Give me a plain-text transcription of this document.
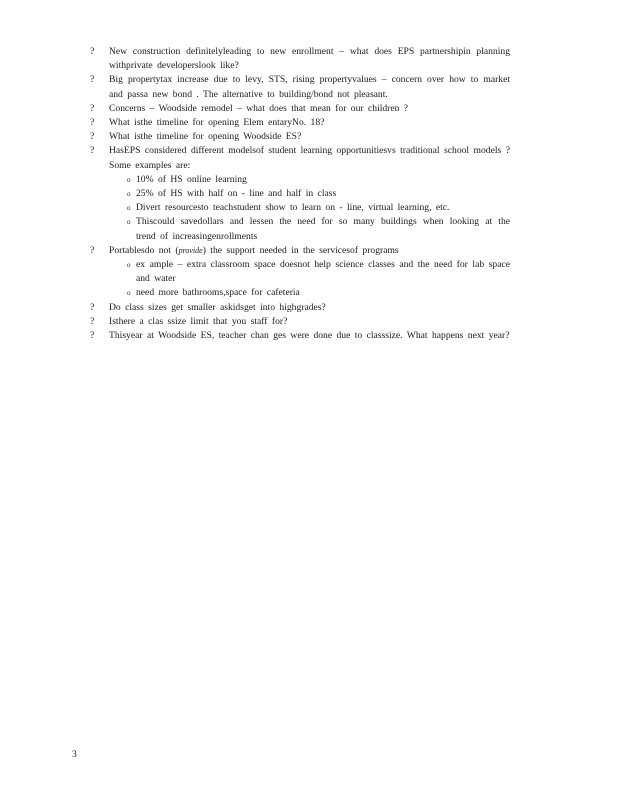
? New construction definitelyleading to new enrollment – what does EPS partnershipin planning withprivate developerslook like?
? Big propertytax increase due to levy, STS, rising propertyvalues – concern over how to market and passa new bond . The alternative to building/bond not pleasant.
? Concerns – Woodside remodel – what does that mean for our children ?
? What isthe timeline for opening Elem entaryNo. 18?
? What isthe timeline for opening Woodside ES?
? HasEPS considered different modelsof student learning opportunitiesvs traditional school models ? Some examples are:
o 10% of HS online learning
o 25% of HS with half on - line and half in class
o Divert resourcesto teachstudent show to learn on - line, virtual learning, etc.
o Thiscould savedollars and lessen the need for so many buildings when looking at the trend of increasingenrollments
? Portablesdo not (provide) the support needed in the servicesof programs
o ex ample – extra classroom space doesnot help science classes and the need for lab space and water
o need more bathrooms,space for cafeteria
? Do class sizes get smaller askidsget into highgrades?
? Isthere a clas ssize limit that you staff for?
? Thisyear at Woodside ES, teacher chan ges were done due to classsize. What happens next year?
3
